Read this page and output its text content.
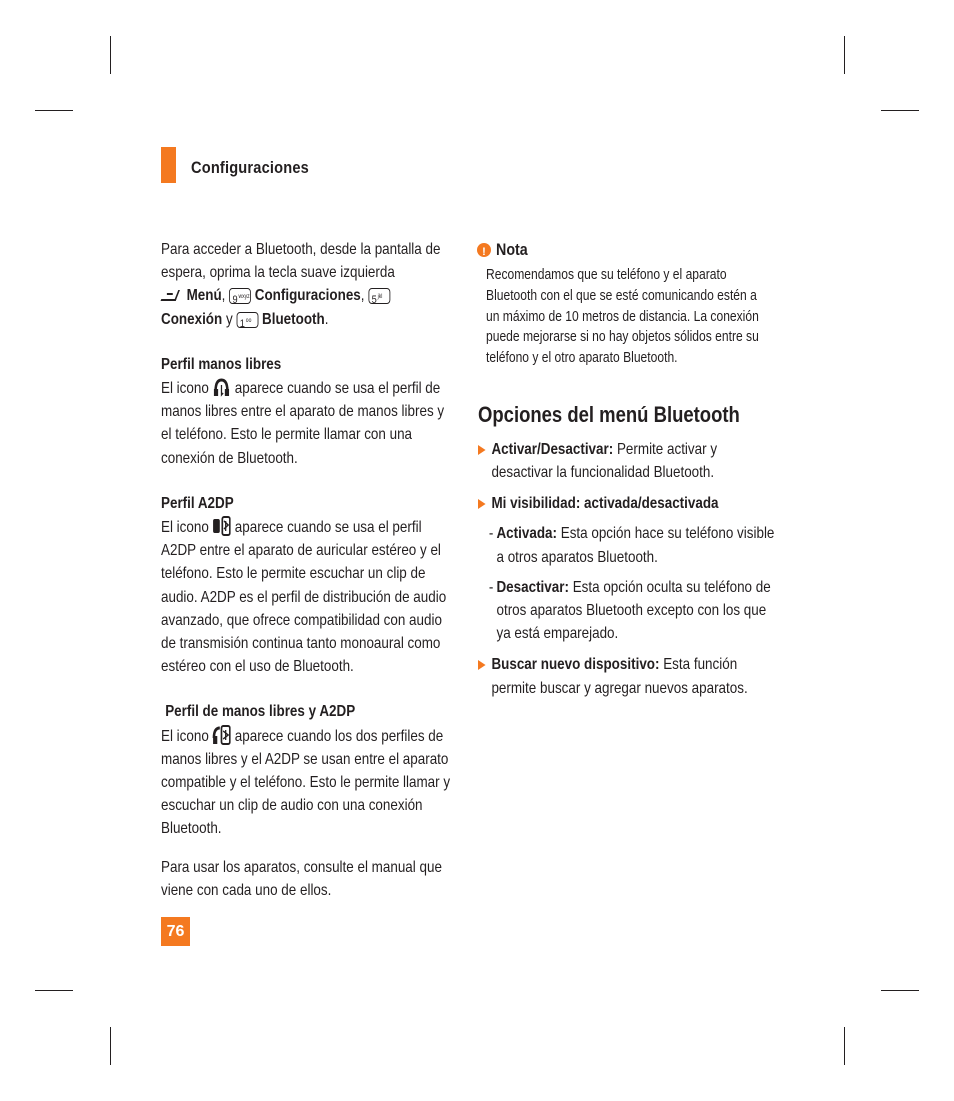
Configuraciones

Para acceder a Bluetooth, desde la pantalla de espera, oprima la tecla suave izquierda
Menú, $9^{wxyz}$ Configuraciones, $5^{jkl}$
Conexión y $1^{oo}$ Bluetooth.

Perfil manos libres

El icono aparece cuando se usa el perfil de manos libres entre el aparato de manos libres y el teléfono. Esto le permite llamar con una conexión de Bluetooth.

Perfil A2DP

El icono aparece cuando se usa el perfil A2DP entre el aparato de auricular estéreo y el teléfono. Esto le permite escuchar un clip de audio. A2DP es el perfil de distribución de audio avanzado, que ofrece compatibilidad con audio de transmisión continua tanto monoaural como estéreo con el uso de Bluetooth.

Perfil de manos libres y A2DP

El icono aparece cuando los dos perfiles de manos libres y el A2DP se usan entre el aparato compatible y el teléfono. Esto le permite llamar y escuchar un clip de audio con una conexión Bluetooth.

Para usar los aparatos, consulte el manual que viene con cada uno de ellos.

!
Nota

Recomendamos que su teléfono y el aparato Bluetooth con el que se esté comunicando estén a un máximo de 10 metros de distancia. La conexión puede mejorarse si no hay objetos sólidos entre su teléfono y el otro aparato Bluetooth.

Opciones del menú Bluetooth

Activar/Desactivar: Permite activar y desactivar la funcionalidad Bluetooth.
Mi visibilidad: activada/desactivada
- Activada: Esta opción hace su teléfono visible a otros aparatos Bluetooth.
- Desactivar: Esta opción oculta su teléfono de otros aparatos Bluetooth excepto con los que ya está emparejado.
Buscar nuevo dispositivo: Esta función permite buscar y agregar nuevos aparatos.
76
